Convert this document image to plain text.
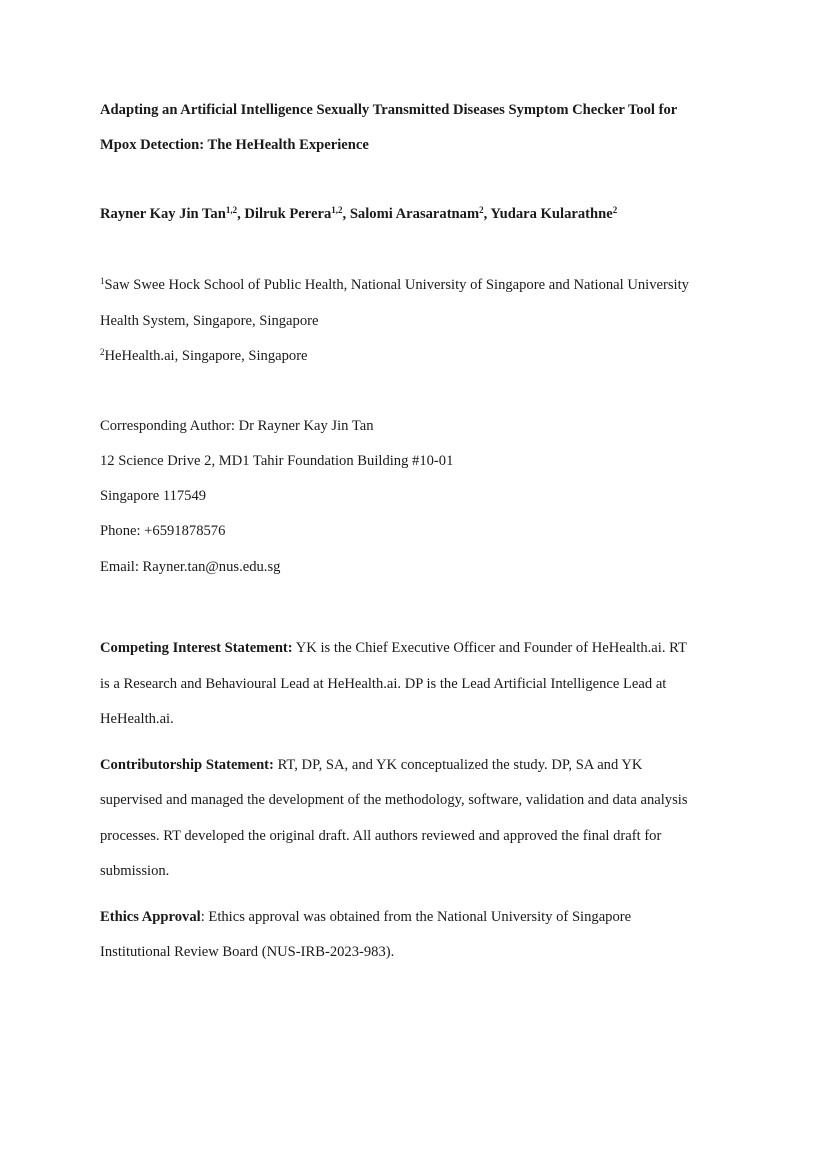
Adapting an Artificial Intelligence Sexually Transmitted Diseases Symptom Checker Tool for
Mpox Detection: The HeHealth Experience
Rayner Kay Jin Tan$^{1,2}$, Dilruk Perera$^{1,2}$, Salomi Arasaratnam$^2$, Yudara Kularathne$^2$
$^1$Saw Swee Hock School of Public Health, National University of Singapore and National University
Health System, Singapore, Singapore
$^2$HeHealth.ai, Singapore, Singapore
Corresponding Author: Dr Rayner Kay Jin Tan
12 Science Drive 2, MD1 Tahir Foundation Building #10-01
Singapore 117549
Phone: +6591878576
Email: Rayner.tan@nus.edu.sg
Competing Interest Statement: YK is the Chief Executive Officer and Founder of HeHealth.ai. RT
is a Research and Behavioural Lead at HeHealth.ai. DP is the Lead Artificial Intelligence Lead at
HeHealth.ai.
Contributorship Statement: RT, DP, SA, and YK conceptualized the study. DP, SA and YK
supervised and managed the development of the methodology, software, validation and data analysis
processes. RT developed the original draft. All authors reviewed and approved the final draft for
submission.
Ethics Approval: Ethics approval was obtained from the National University of Singapore
Institutional Review Board (NUS-IRB-2023-983).
